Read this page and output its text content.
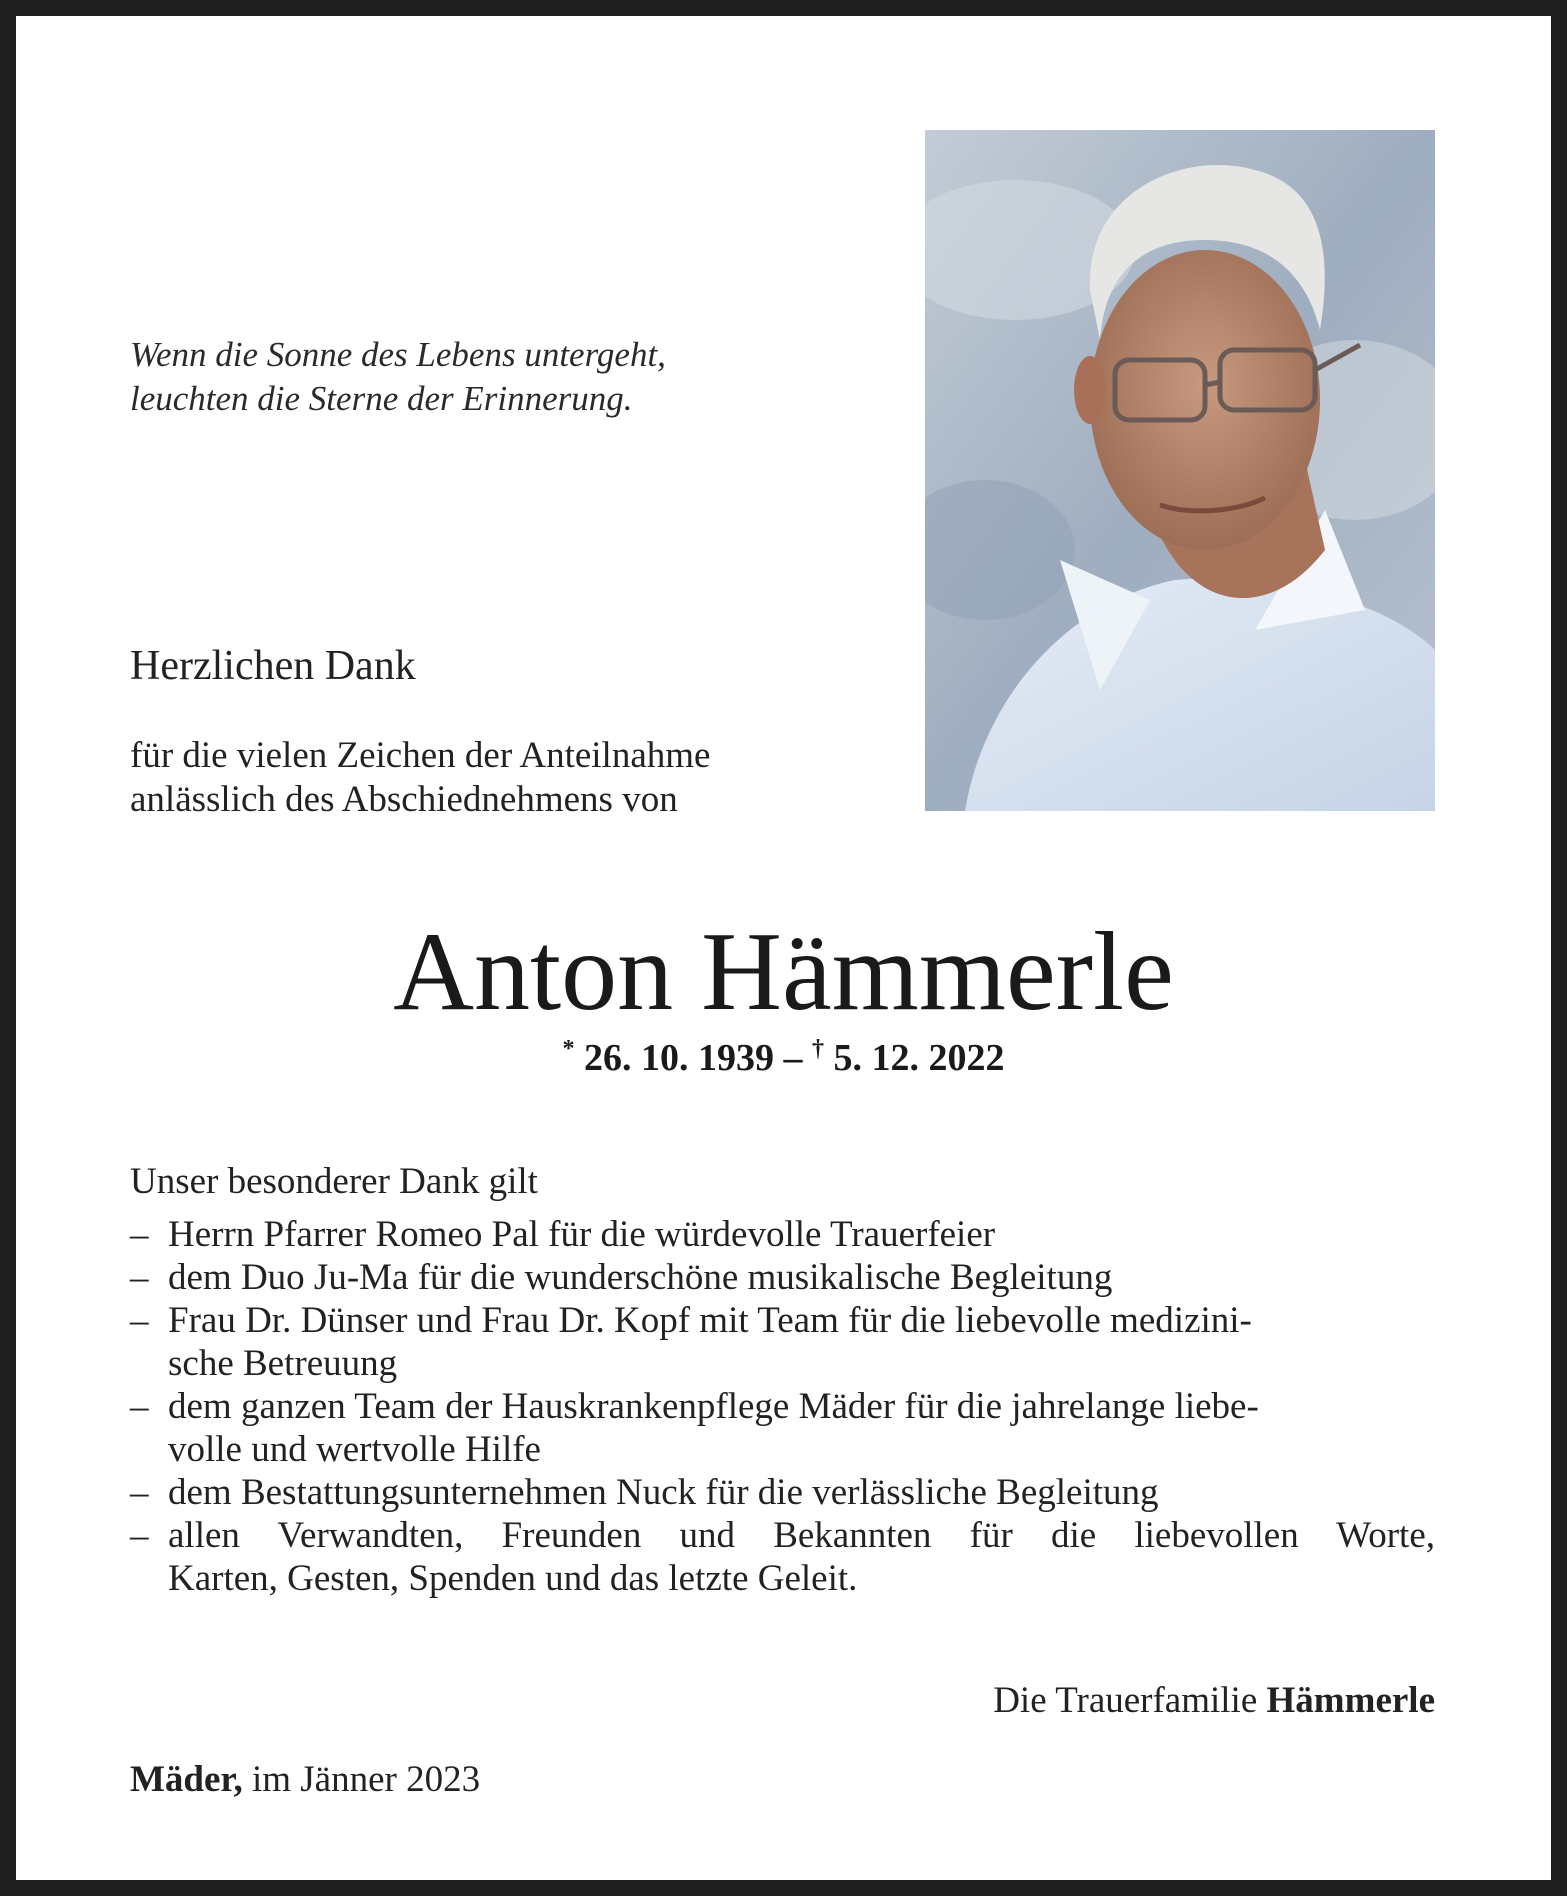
Wenn die Sonne des Lebens untergeht,
leuchten die Sterne der Erinnerung.
Herzlichen Dank
für die vielen Zeichen der Anteilnahme
anlässlich des Abschiednehmens von
Anton Hämmerle
* 26. 10. 1939 – † 5. 12. 2022
Unser besonderer Dank gilt
– Herrn Pfarrer Romeo Pal für die würdevolle Trauerfeier
– dem Duo Ju-Ma für die wunderschöne musikalische Begleitung
– Frau Dr. Dünser und Frau Dr. Kopf mit Team für die liebevolle medizini-
sche Betreuung
– dem ganzen Team der Hauskrankenpflege Mäder für die jahrelange liebe-
volle und wertvolle Hilfe
– dem Bestattungsunternehmen Nuck für die verlässliche Begleitung
– allen Verwandten, Freunden und Bekannten für die liebevollen Worte,
Karten, Gesten, Spenden und das letzte Geleit.
Die Trauerfamilie Hämmerle
Mäder, im Jänner 2023
